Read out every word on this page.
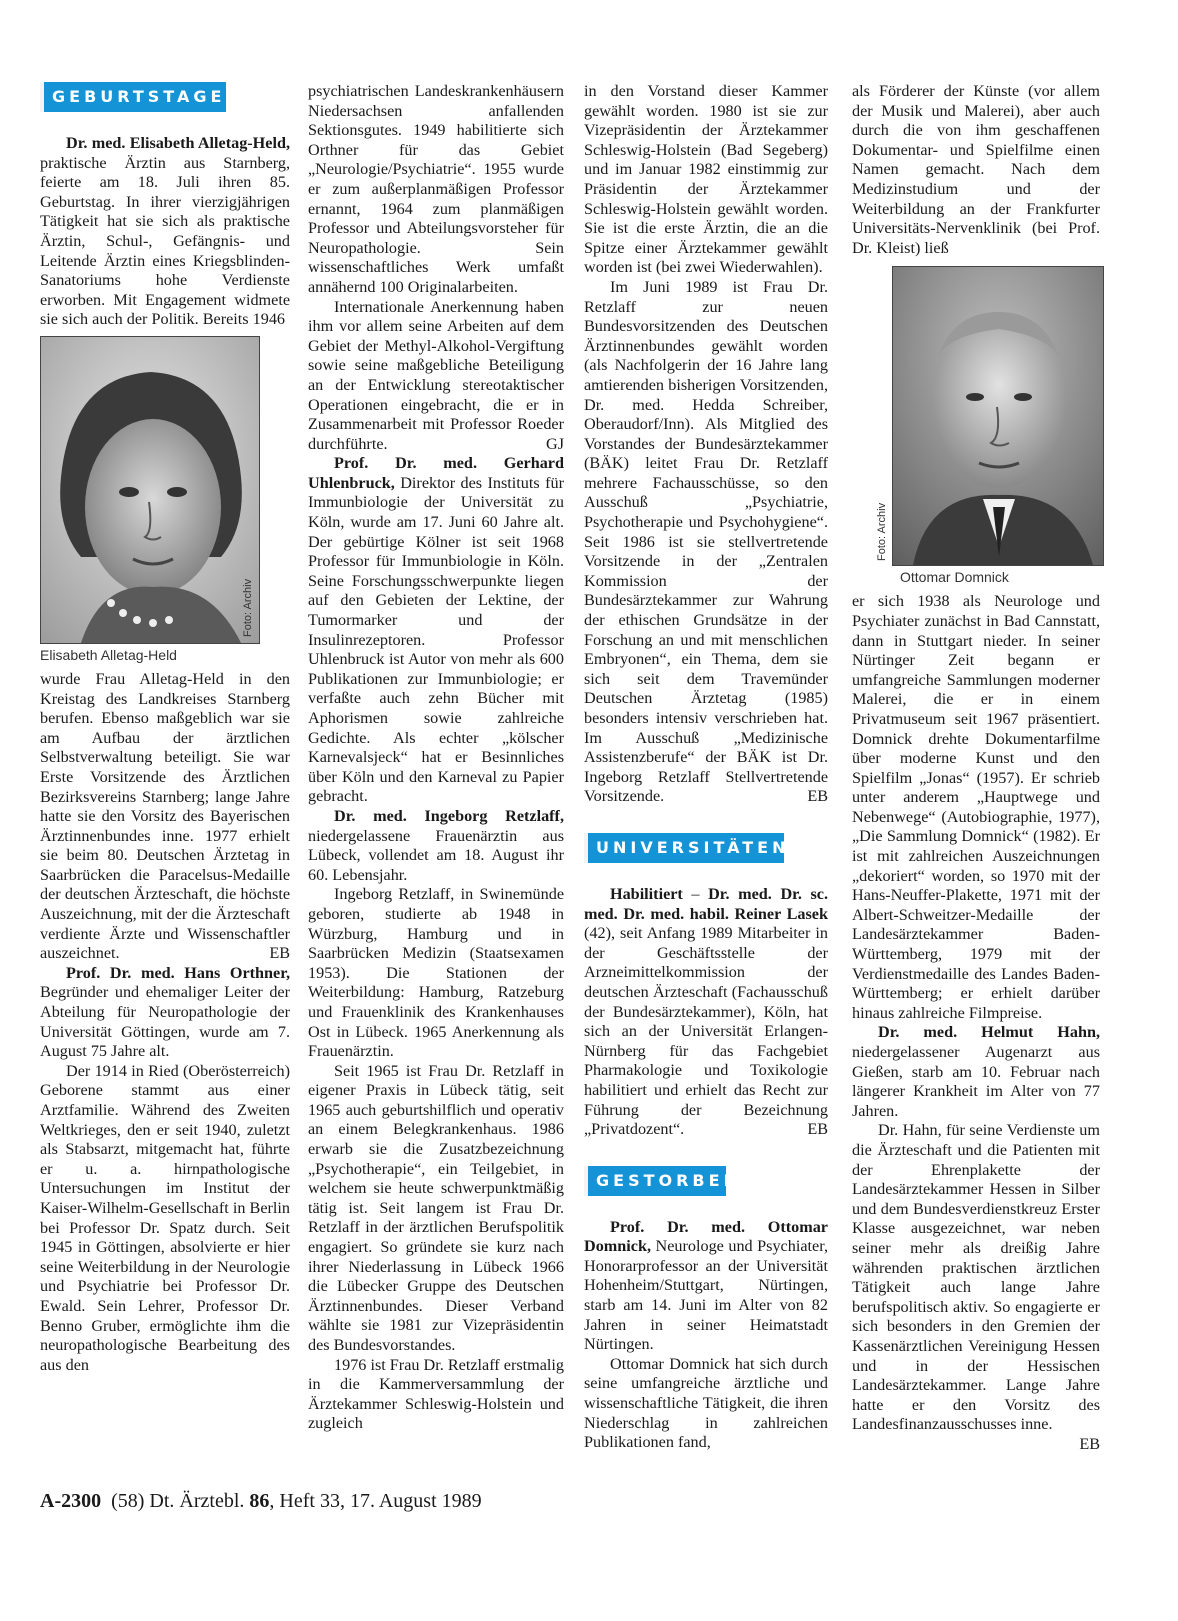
GEBURTSTAGE

Dr. med. Elisabeth Alletag-Held, praktische Ärztin aus Starnberg, feierte am 18. Juli ihren 85. Geburtstag. In ihrer vierzigjährigen Tätigkeit hat sie sich als praktische Ärztin, Schul-, Gefängnis- und Leitende Ärztin eines Kriegsblinden-Sanatoriums hohe Verdienste erworben. Mit Engagement widmete sie sich auch der Politik. Bereits 1946

Foto: Archiv
Elisabeth Alletag-Held

wurde Frau Alletag-Held in den Kreistag des Landkreises Starnberg berufen. Ebenso maßgeblich war sie am Aufbau der ärztlichen Selbstverwaltung beteiligt. Sie war Erste Vorsitzende des Ärztlichen Bezirksvereins Starnberg; lange Jahre hatte sie den Vorsitz des Bayerischen Ärztinnenbundes inne. 1977 erhielt sie beim 80. Deutschen Ärztetag in Saarbrücken die Paracelsus-Medaille der deutschen Ärzteschaft, die höchste Auszeichnung, mit der die Ärzteschaft verdiente Ärzte und Wissenschaftler auszeichnet.	EB

Prof. Dr. med. Hans Orthner, Begründer und ehemaliger Leiter der Abteilung für Neuropathologie der Universität Göttingen, wurde am 7. August 75 Jahre alt.

Der 1914 in Ried (Oberösterreich) Geborene stammt aus einer Arztfamilie. Während des Zweiten Weltkrieges, den er seit 1940, zuletzt als Stabsarzt, mitgemacht hat, führte er u. a. hirnpathologische Untersuchungen im Institut der Kaiser-Wilhelm-Gesellschaft in Berlin bei Professor Dr. Spatz durch. Seit 1945 in Göttingen, absolvierte er hier seine Weiterbildung in der Neurologie und Psychiatrie bei Professor Dr. Ewald. Sein Lehrer, Professor Dr. Benno Gruber, ermöglichte ihm die neuropathologische Bearbeitung des aus den

psychiatrischen Landeskrankenhäusern Niedersachsen anfallenden Sektionsgutes. 1949 habilitierte sich Orthner für das Gebiet „Neurologie/Psychiatrie“. 1955 wurde er zum außerplanmäßigen Professor ernannt, 1964 zum planmäßigen Professor und Abteilungsvorsteher für Neuropathologie. Sein wissenschaftliches Werk umfaßt annähernd 100 Originalarbeiten.

Internationale Anerkennung haben ihm vor allem seine Arbeiten auf dem Gebiet der Methyl-Alkohol-Vergiftung sowie seine maßgebliche Beteiligung an der Entwicklung stereotaktischer Operationen eingebracht, die er in Zusammenarbeit mit Professor Roeder durchführte.	GJ

Prof. Dr. med. Gerhard Uhlenbruck, Direktor des Instituts für Immunbiologie der Universität zu Köln, wurde am 17. Juni 60 Jahre alt. Der gebürtige Kölner ist seit 1968 Professor für Immunbiologie in Köln. Seine Forschungsschwerpunkte liegen auf den Gebieten der Lektine, der Tumormarker und der Insulinrezeptoren. Professor Uhlenbruck ist Autor von mehr als 600 Publikationen zur Immunbiologie; er verfaßte auch zehn Bücher mit Aphorismen sowie zahlreiche Gedichte. Als echter „kölscher Karnevalsjeck“ hat er Besinnliches über Köln und den Karneval zu Papier gebracht.

Dr. med. Ingeborg Retzlaff, niedergelassene Frauenärztin aus Lübeck, vollendet am 18. August ihr 60. Lebensjahr.

Ingeborg Retzlaff, in Swinemünde geboren, studierte ab 1948 in Würzburg, Hamburg und in Saarbrücken Medizin (Staatsexamen 1953). Die Stationen der Weiterbildung: Hamburg, Ratzeburg und Frauenklinik des Krankenhauses Ost in Lübeck. 1965 Anerkennung als Frauenärztin.

Seit 1965 ist Frau Dr. Retzlaff in eigener Praxis in Lübeck tätig, seit 1965 auch geburtshilflich und operativ an einem Belegkrankenhaus. 1986 erwarb sie die Zusatzbezeichnung „Psychotherapie“, ein Teilgebiet, in welchem sie heute schwerpunktmäßig tätig ist. Seit langem ist Frau Dr. Retzlaff in der ärztlichen Berufspolitik engagiert. So gründete sie kurz nach ihrer Niederlassung in Lübeck 1966 die Lübecker Gruppe des Deutschen Ärztinnenbundes. Dieser Verband wählte sie 1981 zur Vizepräsidentin des Bundesvorstandes.

1976 ist Frau Dr. Retzlaff erstmalig in die Kammerversammlung der Ärztekammer Schleswig-Holstein und zugleich

in den Vorstand dieser Kammer gewählt worden. 1980 ist sie zur Vizepräsidentin der Ärztekammer Schleswig-Holstein (Bad Segeberg) und im Januar 1982 einstimmig zur Präsidentin der Ärztekammer Schleswig-Holstein gewählt worden. Sie ist die erste Ärztin, die an die Spitze einer Ärztekammer gewählt worden ist (bei zwei Wiederwahlen).

Im Juni 1989 ist Frau Dr. Retzlaff zur neuen Bundesvorsitzenden des Deutschen Ärztinnenbundes gewählt worden (als Nachfolgerin der 16 Jahre lang amtierenden bisherigen Vorsitzenden, Dr. med. Hedda Schreiber, Oberaudorf/Inn). Als Mitglied des Vorstandes der Bundesärztekammer (BÄK) leitet Frau Dr. Retzlaff mehrere Fachausschüsse, so den Ausschuß „Psychiatrie, Psychotherapie und Psychohygiene“. Seit 1986 ist sie stellvertretende Vorsitzende in der „Zentralen Kommission der Bundesärztekammer zur Wahrung der ethischen Grundsätze in der Forschung an und mit menschlichen Embryonen“, ein Thema, dem sie sich seit dem Travemünder Deutschen Ärztetag (1985) besonders intensiv verschrieben hat. Im Ausschuß „Medizinische Assistenzberufe“ der BÄK ist Dr. Ingeborg Retzlaff Stellvertretende Vorsitzende.	EB

UNIVERSITÄTEN

Habilitiert – Dr. med. Dr. sc. med. Dr. med. habil. Reiner Lasek (42), seit Anfang 1989 Mitarbeiter in der Geschäftsstelle der Arzneimittelkommission der deutschen Ärzteschaft (Fachausschuß der Bundesärztekammer), Köln, hat sich an der Universität Erlangen-Nürnberg für das Fachgebiet Pharmakologie und Toxikologie habilitiert und erhielt das Recht zur Führung der Bezeichnung „Privatdozent“.	EB

GESTORBEN

Prof. Dr. med. Ottomar Domnick, Neurologe und Psychiater, Honorarprofessor an der Universität Hohenheim/Stuttgart, Nürtingen, starb am 14. Juni im Alter von 82 Jahren in seiner Heimatstadt Nürtingen.

Ottomar Domnick hat sich durch seine umfangreiche ärztliche und wissenschaftliche Tätigkeit, die ihren Niederschlag in zahlreichen Publikationen fand,

als Förderer der Künste (vor allem der Musik und Malerei), aber auch durch die von ihm geschaffenen Dokumentar- und Spielfilme einen Namen gemacht. Nach dem Medizinstudium und der Weiterbildung an der Frankfurter Universitäts-Nervenklinik (bei Prof. Dr. Kleist) ließ

Foto: Archiv
Ottomar Domnick

er sich 1938 als Neurologe und Psychiater zunächst in Bad Cannstatt, dann in Stuttgart nieder. In seiner Nürtinger Zeit begann er umfangreiche Sammlungen moderner Malerei, die er in einem Privatmuseum seit 1967 präsentiert. Domnick drehte Dokumentarfilme über moderne Kunst und den Spielfilm „Jonas“ (1957). Er schrieb unter anderem „Hauptwege und Nebenwege“ (Autobiographie, 1977), „Die Sammlung Domnick“ (1982). Er ist mit zahlreichen Auszeichnungen „dekoriert“ worden, so 1970 mit der Hans-Neuffer-Plakette, 1971 mit der Albert-Schweitzer-Medaille der Landesärztekammer Baden-Württemberg, 1979 mit der Verdienstmedaille des Landes Baden-Württemberg; er erhielt darüber hinaus zahlreiche Filmpreise.

Dr. med. Helmut Hahn, niedergelassener Augenarzt aus Gießen, starb am 10. Februar nach längerer Krankheit im Alter von 77 Jahren.

Dr. Hahn, für seine Verdienste um die Ärzteschaft und die Patienten mit der Ehrenplakette der Landesärztekammer Hessen in Silber und dem Bundesverdienstkreuz Erster Klasse ausgezeichnet, war neben seiner mehr als dreißig Jahre währenden praktischen ärztlichen Tätigkeit auch lange Jahre berufspolitisch aktiv. So engagierte er sich besonders in den Gremien der Kassenärztlichen Vereinigung Hessen und in der Hessischen Landesärztekammer. Lange Jahre hatte er den Vorsitz des Landesfinanzausschusses inne.
EB

A-2300 (58) Dt. Ärztebl. 86, Heft 33, 17. August 1989
